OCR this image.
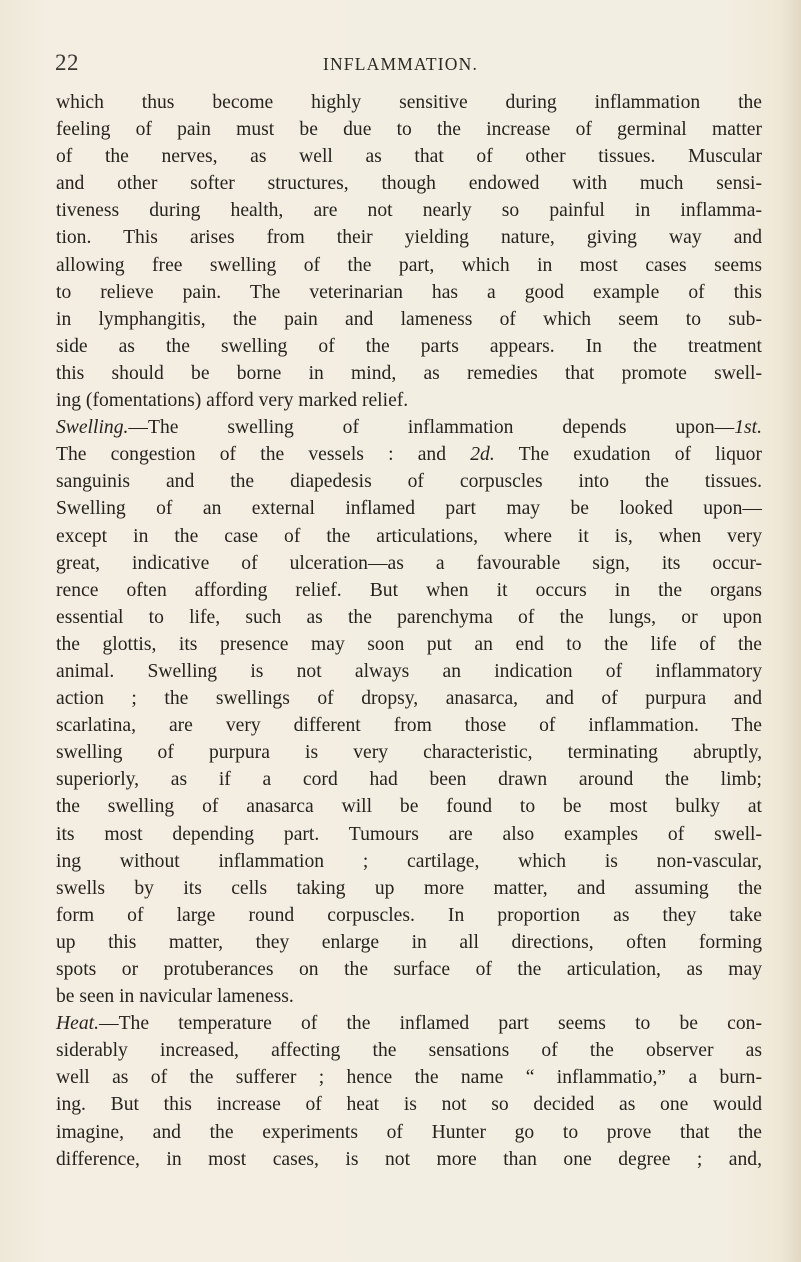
22	INFLAMMATION.
which thus become highly sensitive during inflammation the
feeling of pain must be due to the increase of germinal matter
of the nerves, as well as that of other tissues. Muscular
and other softer structures, though endowed with much sensi-
tiveness during health, are not nearly so painful in inflamma-
tion. This arises from their yielding nature, giving way and
allowing free swelling of the part, which in most cases seems
to relieve pain. The veterinarian has a good example of this
in lymphangitis, the pain and lameness of which seem to sub-
side as the swelling of the parts appears. In the treatment
this should be borne in mind, as remedies that promote swell-
ing (fomentations) afford very marked relief.
Swelling.—The swelling of inflammation depends upon—1st.
The congestion of the vessels : and 2d. The exudation of liquor
sanguinis and the diapedesis of corpuscles into the tissues.
Swelling of an external inflamed part may be looked upon—
except in the case of the articulations, where it is, when very
great, indicative of ulceration—as a favourable sign, its occur-
rence often affording relief. But when it occurs in the organs
essential to life, such as the parenchyma of the lungs, or upon
the glottis, its presence may soon put an end to the life of the
animal. Swelling is not always an indication of inflammatory
action ; the swellings of dropsy, anasarca, and of purpura and
scarlatina, are very different from those of inflammation. The
swelling of purpura is very characteristic, terminating abruptly,
superiorly, as if a cord had been drawn around the limb;
the swelling of anasarca will be found to be most bulky at
its most depending part. Tumours are also examples of swell-
ing without inflammation ; cartilage, which is non-vascular,
swells by its cells taking up more matter, and assuming the
form of large round corpuscles. In proportion as they take
up this matter, they enlarge in all directions, often forming
spots or protuberances on the surface of the articulation, as may
be seen in navicular lameness.
Heat.—The temperature of the inflamed part seems to be con-
siderably increased, affecting the sensations of the observer as
well as of the sufferer ; hence the name “ inflammatio,” a burn-
ing. But this increase of heat is not so decided as one would
imagine, and the experiments of Hunter go to prove that the
difference, in most cases, is not more than one degree ; and,
